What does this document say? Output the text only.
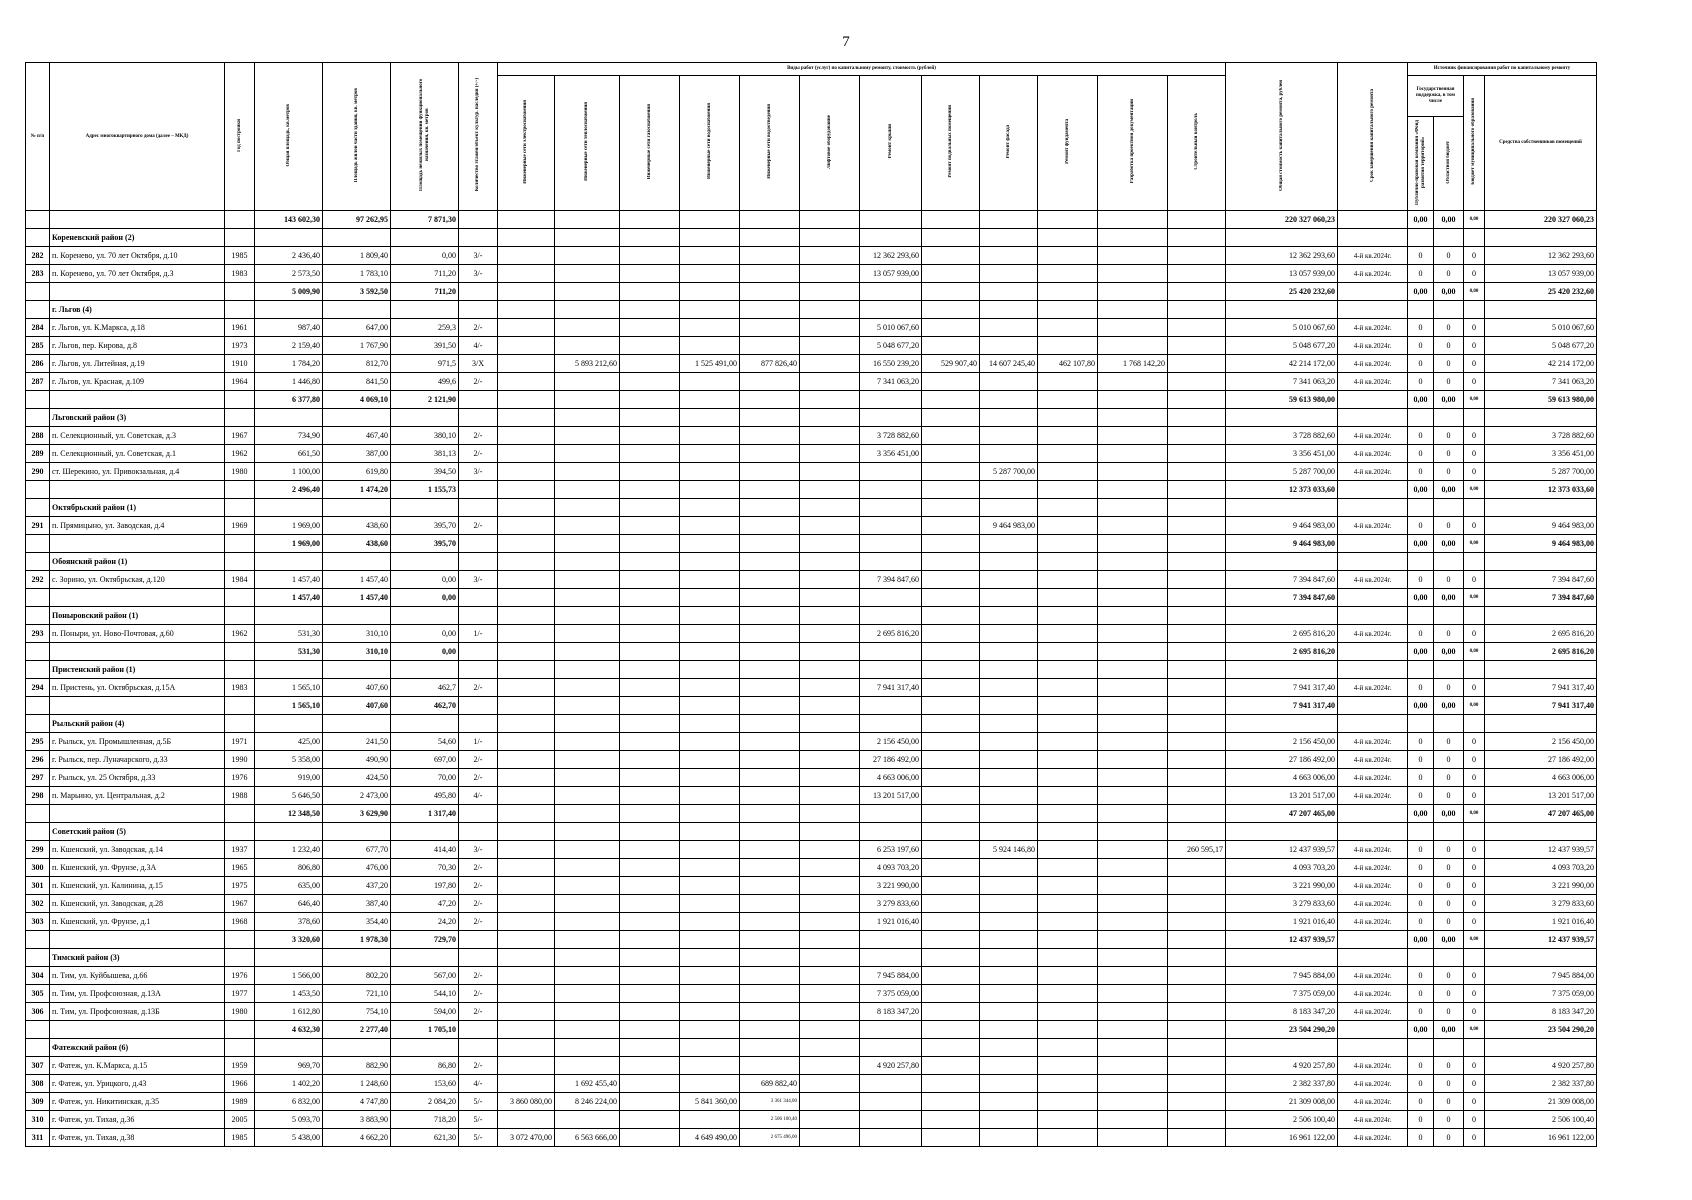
7
№ п/п	Адрес многоквартирного дома (далее – МКД)	Год постройки	Общая площадь, кв.метров	Площадь жилой части здания, кв. метров	Площадь нежилых помещений функционального назначения, кв. метров	Количество этажей/объект культур. наследия (+/-)	Виды работ (услуг) по капитальному ремонту, стоимость (рублей)												Общая стоимость капитального ремонта, рублей	Срок завершения капитального ремонта	Источник финансирования работ по капитальному ремонту			
							Инженерные сети электроснабжения	Инженерные сети теплоснабжения	Инженерные сети газоснабжения	Инженерные сети водоснабжения	Инженерные сети водоотведения	Лифтовое оборудование	Ремонт крыши	Ремонт подвальных помещений	Ремонт фасада	Ремонт фундамента	Разработка проектной документации	Строительный контроль			Государственная поддержка, в том числе		Бюджет муниципального образования	Средства собственников помещений
																					Публично-правовая компания «Фонд развития территорий»	Областной бюджет		
			143 602,30	97 262,95	7 871,30														220 327 060,23		0,00	0,00	0,00	220 327 060,23
	Кореневский район (2)																							
282	п. Коренево, ул. 70 лет Октября, д.10	1985	2 436,40	1 809,40	0,00	3/-							12 362 293,60						12 362 293,60	4-й кв.2024г.	0	0	0	12 362 293,60
283	п. Коренево, ул. 70 лет Октября, д.3	1983	2 573,50	1 783,10	711,20	3/-							13 057 939,00						13 057 939,00	4-й кв.2024г.	0	0	0	13 057 939,00
			5 009,90	3 592,50	711,20														25 420 232,60		0,00	0,00	0,00	25 420 232,60
	г. Льгов (4)																							
284	г. Льгов, ул. К.Маркса, д.18	1961	987,40	647,00	259,3	2/-							5 010 067,60						5 010 067,60	4-й кв.2024г.	0	0	0	5 010 067,60
285	г. Льгов, пер. Кирова, д.8	1973	2 159,40	1 767,90	391,50	4/-							5 048 677,20						5 048 677,20	4-й кв.2024г.	0	0	0	5 048 677,20
286	г. Льгов, ул. Литейная, д.19	1910	1 784,20	812,70	971,5	3/Х		5 893 212,60		1 525 491,00	877 826,40		16 550 239,20	529 907,40	14 607 245,40	462 107,80	1 768 142,20		42 214 172,00	4-й кв.2024г.	0	0	0	42 214 172,00
287	г. Льгов, ул. Красная, д.109	1964	1 446,80	841,50	499,6	2/-							7 341 063,20						7 341 063,20	4-й кв.2024г.	0	0	0	7 341 063,20
			6 377,80	4 069,10	2 121,90														59 613 980,00		0,00	0,00	0,00	59 613 980,00
	Льговский район (3)																							
288	п. Селекционный, ул. Советская, д.3	1967	734,90	467,40	380,10	2/-							3 728 882,60						3 728 882,60	4-й кв.2024г.	0	0	0	3 728 882,60
289	п. Селекционный, ул. Советская, д.1	1962	661,50	387,00	381,13	2/-							3 356 451,00						3 356 451,00	4-й кв.2024г.	0	0	0	3 356 451,00
290	ст. Шерекино, ул. Привокзальная, д.4	1980	1 100,00	619,80	394,50	3/-									5 287 700,00				5 287 700,00	4-й кв.2024г.	0	0	0	5 287 700,00
			2 496,40	1 474,20	1 155,73														12 373 033,60		0,00	0,00	0,00	12 373 033,60
	Октябрьский район (1)																							
291	п. Прямицыно, ул. Заводская, д.4	1969	1 969,00	438,60	395,70	2/-									9 464 983,00				9 464 983,00	4-й кв.2024г.	0	0	0	9 464 983,00
			1 969,00	438,60	395,70														9 464 983,00		0,00	0,00	0,00	9 464 983,00
	Обоянский район (1)																							
292	с. Зорино, ул. Октябрьская, д.120	1984	1 457,40	1 457,40	0,00	3/-							7 394 847,60						7 394 847,60	4-й кв.2024г.	0	0	0	7 394 847,60
			1 457,40	1 457,40	0,00														7 394 847,60		0,00	0,00	0,00	7 394 847,60
	Поныровский район (1)																							
293	п. Поныри, ул. Ново-Почтовая, д.60	1962	531,30	310,10	0,00	1/-							2 695 816,20						2 695 816,20	4-й кв.2024г.	0	0	0	2 695 816,20
			531,30	310,10	0,00														2 695 816,20		0,00	0,00	0,00	2 695 816,20
	Пристенский район (1)																							
294	п. Пристень, ул. Октябрьская, д.15А	1983	1 565,10	407,60	462,7	2/-							7 941 317,40						7 941 317,40	4-й кв.2024г.	0	0	0	7 941 317,40
			1 565,10	407,60	462,70														7 941 317,40		0,00	0,00	0,00	7 941 317,40
	Рыльский район (4)																							
295	г. Рыльск, ул. Промышленная, д.5Б	1971	425,00	241,50	54,60	1/-							2 156 450,00						2 156 450,00	4-й кв.2024г.	0	0	0	2 156 450,00
296	г. Рыльск, пер. Луначарского, д.33	1990	5 358,00	490,90	697,00	2/-							27 186 492,00						27 186 492,00	4-й кв.2024г.	0	0	0	27 186 492,00
297	г. Рыльск, ул. 25 Октября, д.33	1976	919,00	424,50	70,00	2/-							4 663 006,00						4 663 006,00	4-й кв.2024г.	0	0	0	4 663 006,00
298	п. Марьино, ул. Центральная, д.2	1988	5 646,50	2 473,00	495,80	4/-							13 201 517,00						13 201 517,00	4-й кв.2024г.	0	0	0	13 201 517,00
			12 348,50	3 629,90	1 317,40														47 207 465,00		0,00	0,00	0,00	47 207 465,00
	Советский район (5)																							
299	п. Кшенский, ул. Заводская, д.14	1937	1 232,40	677,70	414,40	3/-							6 253 197,60		5 924 146,80			260 595,17	12 437 939,57	4-й кв.2024г.	0	0	0	12 437 939,57
300	п. Кшенский, ул. Фрунзе, д.3А	1965	806,80	476,00	70,30	2/-							4 093 703,20						4 093 703,20	4-й кв.2024г.	0	0	0	4 093 703,20
301	п. Кшенский, ул. Калинина, д.15	1975	635,00	437,20	197,80	2/-							3 221 990,00						3 221 990,00	4-й кв.2024г.	0	0	0	3 221 990,00
302	п. Кшенский, ул. Заводская, д.28	1967	646,40	387,40	47,20	2/-							3 279 833,60						3 279 833,60	4-й кв.2024г.	0	0	0	3 279 833,60
303	п. Кшенский, ул. Фрунзе, д.1	1968	378,60	354,40	24,20	2/-							1 921 016,40						1 921 016,40	4-й кв.2024г.	0	0	0	1 921 016,40
			3 320,60	1 978,30	729,70														12 437 939,57		0,00	0,00	0,00	12 437 939,57
	Тимский район (3)																							
304	п. Тим, ул. Куйбышева, д.66	1976	1 566,00	802,20	567,00	2/-							7 945 884,00						7 945 884,00	4-й кв.2024г.	0	0	0	7 945 884,00
305	п. Тим, ул. Профсоюзная, д.13А	1977	1 453,50	721,10	544,10	2/-							7 375 059,00						7 375 059,00	4-й кв.2024г.	0	0	0	7 375 059,00
306	п. Тим, ул. Профсоюзная, д.13Б	1980	1 612,80	754,10	594,00	2/-							8 183 347,20						8 183 347,20	4-й кв.2024г.	0	0	0	8 183 347,20
			4 632,30	2 277,40	1 705,10														23 504 290,20		0,00	0,00	0,00	23 504 290,20
	Фатежский район (6)																							
307	г. Фатеж, ул. К.Маркса, д.15	1959	969,70	882,90	86,80	2/-							4 920 257,80						4 920 257,80	4-й кв.2024г.	0	0	0	4 920 257,80
308	г. Фатеж, ул. Урицкого, д.43	1966	1 402,20	1 248,60	153,60	4/-		1 692 455,40			689 882,40								2 382 337,80	4-й кв.2024г.	0	0	0	2 382 337,80
309	г. Фатеж, ул. Никитинская, д.35	1989	6 832,00	4 747,80	2 084,20	5/-	3 860 080,00	8 246 224,00		5 841 360,00	3 361 344,00								21 309 008,00	4-й кв.2024г.	0	0	0	21 309 008,00
310	г. Фатеж, ул. Тихая, д.36	2005	5 093,70	3 883,90	718,20	5/-					2 506 100,40								2 506 100,40	4-й кв.2024г.	0	0	0	2 506 100,40
311	г. Фатеж, ул. Тихая, д.38	1985	5 438,00	4 662,20	621,30	5/-	3 072 470,00	6 563 666,00		4 649 490,00	2 675 496,00								16 961 122,00	4-й кв.2024г.	0	0	0	16 961 122,00
